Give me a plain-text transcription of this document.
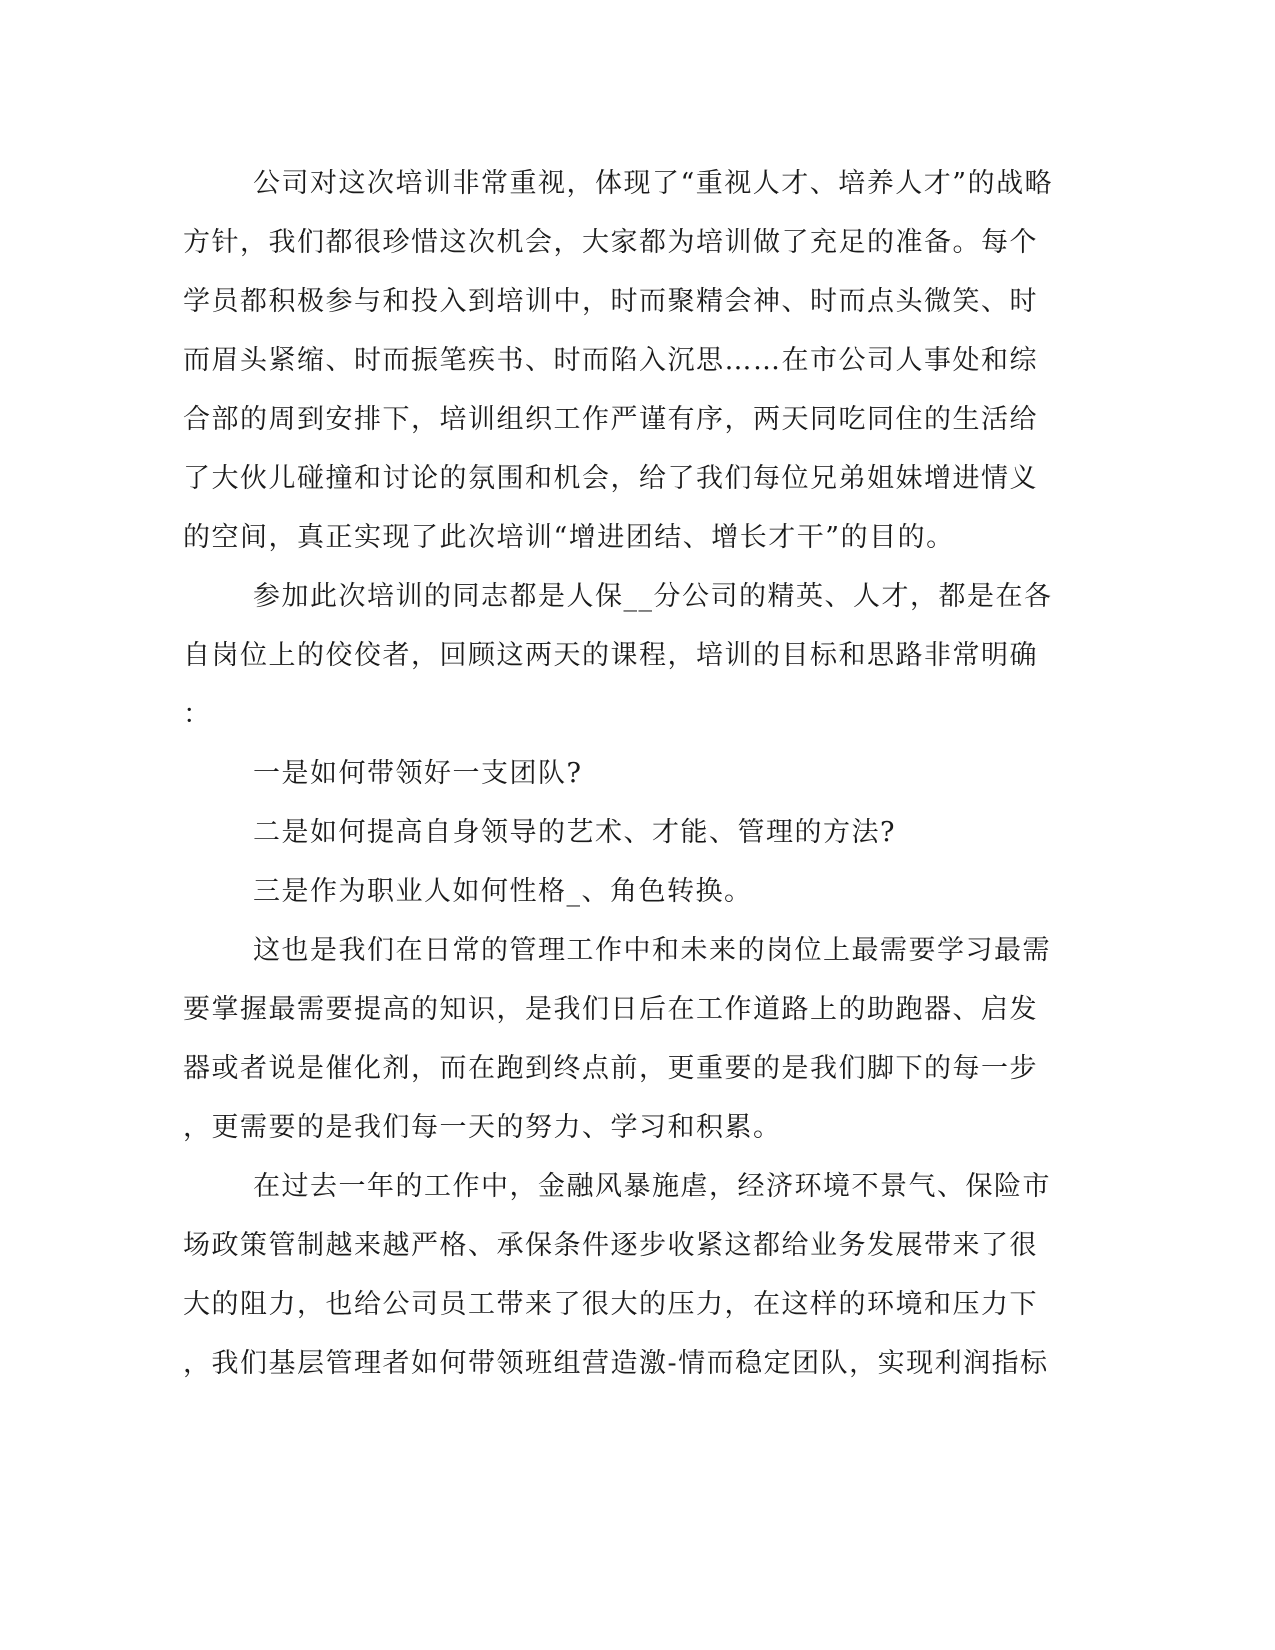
公司对这次培训非常重视，体现了“重视人才、培养人才”的战略
方针，我们都很珍惜这次机会，大家都为培训做了充足的准备。每个
学员都积极参与和投入到培训中，时而聚精会神、时而点头微笑、时
而眉头紧缩、时而振笔疾书、时而陷入沉思……在市公司人事处和综
合部的周到安排下，培训组织工作严谨有序，两天同吃同住的生活给
了大伙儿碰撞和讨论的氛围和机会，给了我们每位兄弟姐妹增进情义
的空间，真正实现了此次培训“增进团结、增长才干”的目的。
参加此次培训的同志都是人保__分公司的精英、人才，都是在各
自岗位上的佼佼者，回顾这两天的课程，培训的目标和思路非常明确
：
一是如何带领好一支团队?
二是如何提高自身领导的艺术、才能、管理的方法?
三是作为职业人如何性格_、角色转换。
这也是我们在日常的管理工作中和未来的岗位上最需要学习最需
要掌握最需要提高的知识，是我们日后在工作道路上的助跑器、启发
器或者说是催化剂，而在跑到终点前，更重要的是我们脚下的每一步
，更需要的是我们每一天的努力、学习和积累。
在过去一年的工作中，金融风暴施虐，经济环境不景气、保险市
场政策管制越来越严格、承保条件逐步收紧这都给业务发展带来了很
大的阻力，也给公司员工带来了很大的压力，在这样的环境和压力下
，我们基层管理者如何带领班组营造激-情而稳定团队，实现利润指标
